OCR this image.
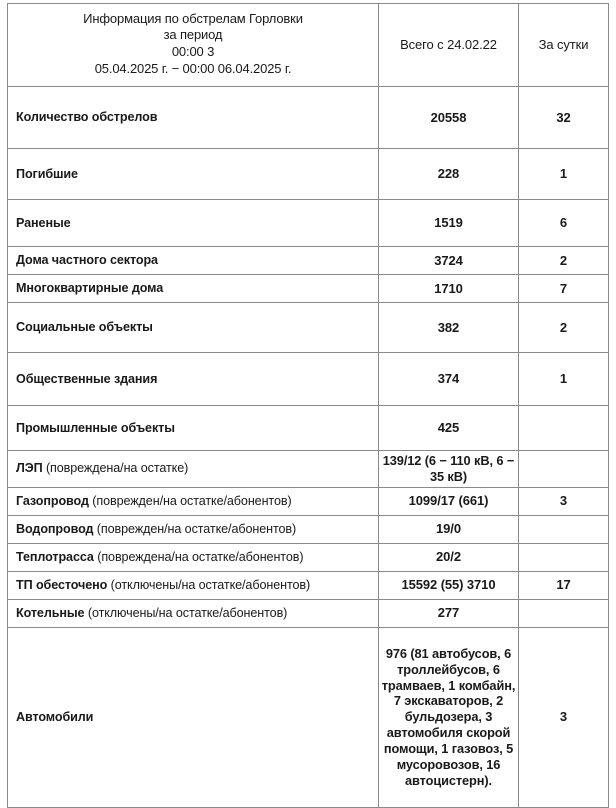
Информация по обстрелам Горловки
за период
00:00 3
05.04.2025 г. − 00:00 06.04.2025 г.	Всего с 24.02.22	За сутки

Количество обстрелов	20558	32

Погибшие	228	1

Раненые	1519	6

Дома частного сектора	3724	2

Многоквартирные дома	1710	7

Социальные объекты	382	2

Общественные здания	374	1

Промышленные объекты	425	

ЛЭП (повреждена/на остатке)	139/12 (6 − 110 кВ, 6 − 35 кВ)	

Газопровод (поврежден/на остатке/абонентов)	1099/17 (661)	3

Водопровод (поврежден/на остатке/абонентов)	19/0	

Теплотрасса (повреждена/на остатке/абонентов)	20/2	

ТП обесточено (отключены/на остатке/абонентов)	15592 (55) 3710	17

Котельные (отключены/на остатке/абонентов)	277	

Автомобили	976 (81 автобусов, 6 троллейбусов, 6 трамваев, 1 комбайн, 7 экскаваторов, 2 бульдозера, 3 автомобиля скорой помощи, 1 газовоз, 5 мусоровозов, 16 автоцистерн).	3
